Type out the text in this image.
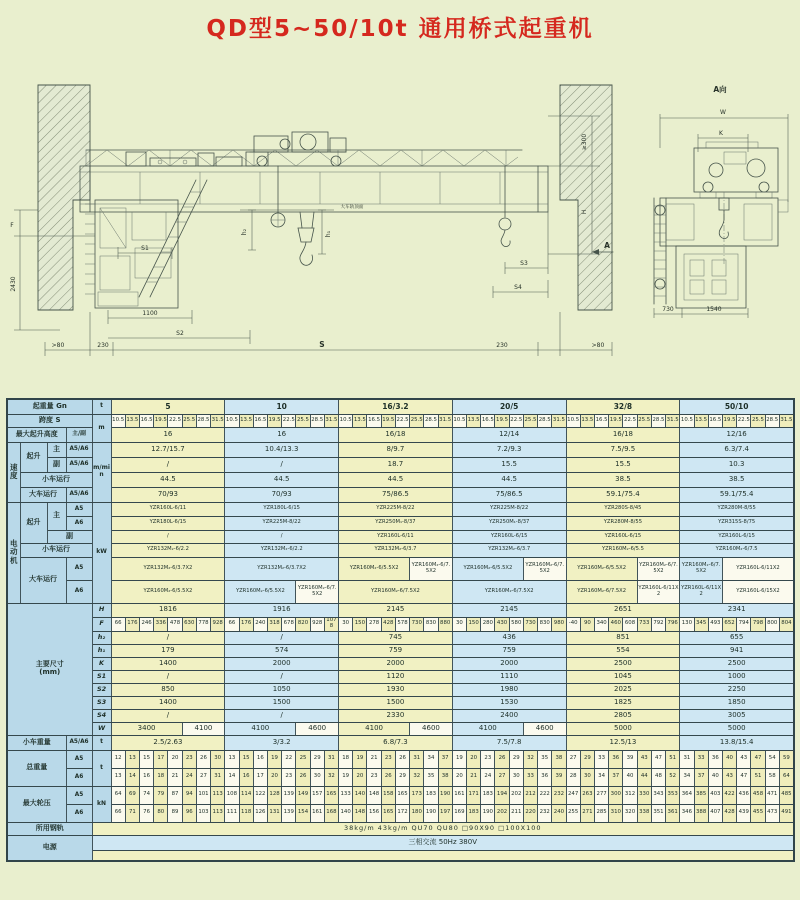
QD型5~50/10t 通用桥式起重机
h₂	h₁
大车轨顶面
F
2430
S1
1100
S2
>80	230	S	230	>80
≥300
H
S3
S4
A
A向
W
K
730	1540
起重量 Gn				t	5								10								16/3.2								20/5								32/8								50/10							
跨度 S				m	10.5	13.5	16.5	19.5	22.5	25.5	28.5	31.5	10.5	13.5	16.5	19.5	22.5	25.5	28.5	31.5	10.5	13.5	16.5	19.5	22.5	25.5	28.5	31.5	10.5	13.5	16.5	19.5	22.5	25.5	28.5	31.5	10.5	13.5	16.5	19.5	22.5	25.5	28.5	31.5	10.5	13.5	16.5	19.5	22.5	25.5	28.5	31.5
最大起升高度			主/副		16								16								16/18								12/14								16/18								12/16							
速
度	起升	主	A5/A6	m/min	12.7/15.7								10.4/13.3								8/9.7								7.2/9.3								7.5/9.5								6.3/7.4							
		副	A5/A6		/								/								18.7								15.5								15.5								10.3							
	小车运行				44.5								44.5								44.5								44.5								38.5								38.5							
	大车运行		A5/A6		70/93								70/93								75/86.5								75/86.5								59.1/75.4								59.1/75.4							
电
动
机	起升	主	A5	kW	YZR160L-6/11								YZR180L-6/15								YZR225M-8/22								YZR225M-8/22								YZR280S-8/45								YZR280M-8/55							
			A6		YZR180L-6/15								YZR225M-8/22								YZR250M₁-8/37								YZR250M₁-8/37								YZR280M-8/55								YZR315S-8/75							
		副			/								/								YZR160L-6/11								YZR160L-6/15								YZR160L-6/15								YZR160L-6/15							
	小车运行				YZR132M₂-6/2.2								YZR132M₂-6/2.2								YZR132M₂-6/3.7								YZR132M₂-6/3.7								YZR160M₂-6/5.5								YZR160M₂-6/7.5							
	大车运行		A5		YZR132M₂-6/3.7X2								YZR132M₂-6/3.7X2								YZR160M₂-6/5.5X2					YZR160M₂-6/7.5X2			YZR160M₂-6/5.5X2					YZR160M₂-6/7.5X2			YZR160M₂-6/5.5X2					YZR160M₂-6/7.5X2			YZR160M₂-6/7.5X2			YZR160L-6/11X2				
			A6		YZR160M₂-6/5.5X2								YZR160M₂-6/5.5X2					YZR160M₂-6/7.5X2			YZR160M₂-6/7.5X2								YZR160M₂-6/7.5X2								YZR160M₂-6/7.5X2					YZR160L-6/11X2			YZR160L-6/11X2			YZR160L-6/15X2				
主要尺寸
(mm)				H	1816								1916								2145								2145								2651								2341							
				F	66	176	246	336	478	630	778	928	66	176	240	318	678	820	928	1078	30	150	278	428	578	730	830	880	30	150	280	430	580	730	830	980	-40	90	340	460	608	733	792	796	130	345	493	652	794	798	800	804
				h₂	/								/								745								436								851								655							
				h₁	179								574								759								759								554								941							
				K	1400								2000								2000								2000								2500								2500							
				S1	/								/								1120								1110								1045								1000							
				S2	850								1050								1930								1980								2025								2250							
				S3	1400								1500								1500								1530								1825								1850							
				S4	/								/								2330								2400								2805								3005							
				W	3400					4100			4100					4600			4100					4600			4100					4600			5000								5000							
小车重量			A5/A6	t	2.5/2.63								3/3.2								6.8/7.3								7.5/7.8								12.5/13								13.8/15.4							
总重量			A5	t	12	13	15	17	20	23	26	30	13	15	16	19	22	25	29	31	18	19	21	23	26	31	34	37	19	20	23	26	29	32	35	38	27	29	33	36	39	43	47	51	31	33	36	40	43	47	54	59
			A6		13	14	16	18	21	24	27	31	14	16	17	20	23	26	30	32	19	20	23	26	29	32	35	38	20	21	24	27	30	33	36	39	28	30	34	37	40	44	48	52	34	37	40	43	47	51	58	64
最大轮压			A5	kN	64	69	74	79	87	94	101	113	108	114	122	128	139	149	157	165	133	140	148	158	165	173	183	190	161	171	183	194	202	212	222	232	247	263	277	300	312	330	343	353	364	385	403	422	436	458	471	485
			A6		66	71	76	80	89	96	103	113	111	118	126	131	139	154	161	168	140	148	156	165	172	180	190	197	169	183	190	202	211	220	232	240	255	271	285	310	320	338	351	361	346	388	407	428	439	455	473	491
所用钢轨				38kg/m 43kg/m QU70 QU80 □90X90 □100X100																																																
电源				三相交流 50Hz 380V																																																
